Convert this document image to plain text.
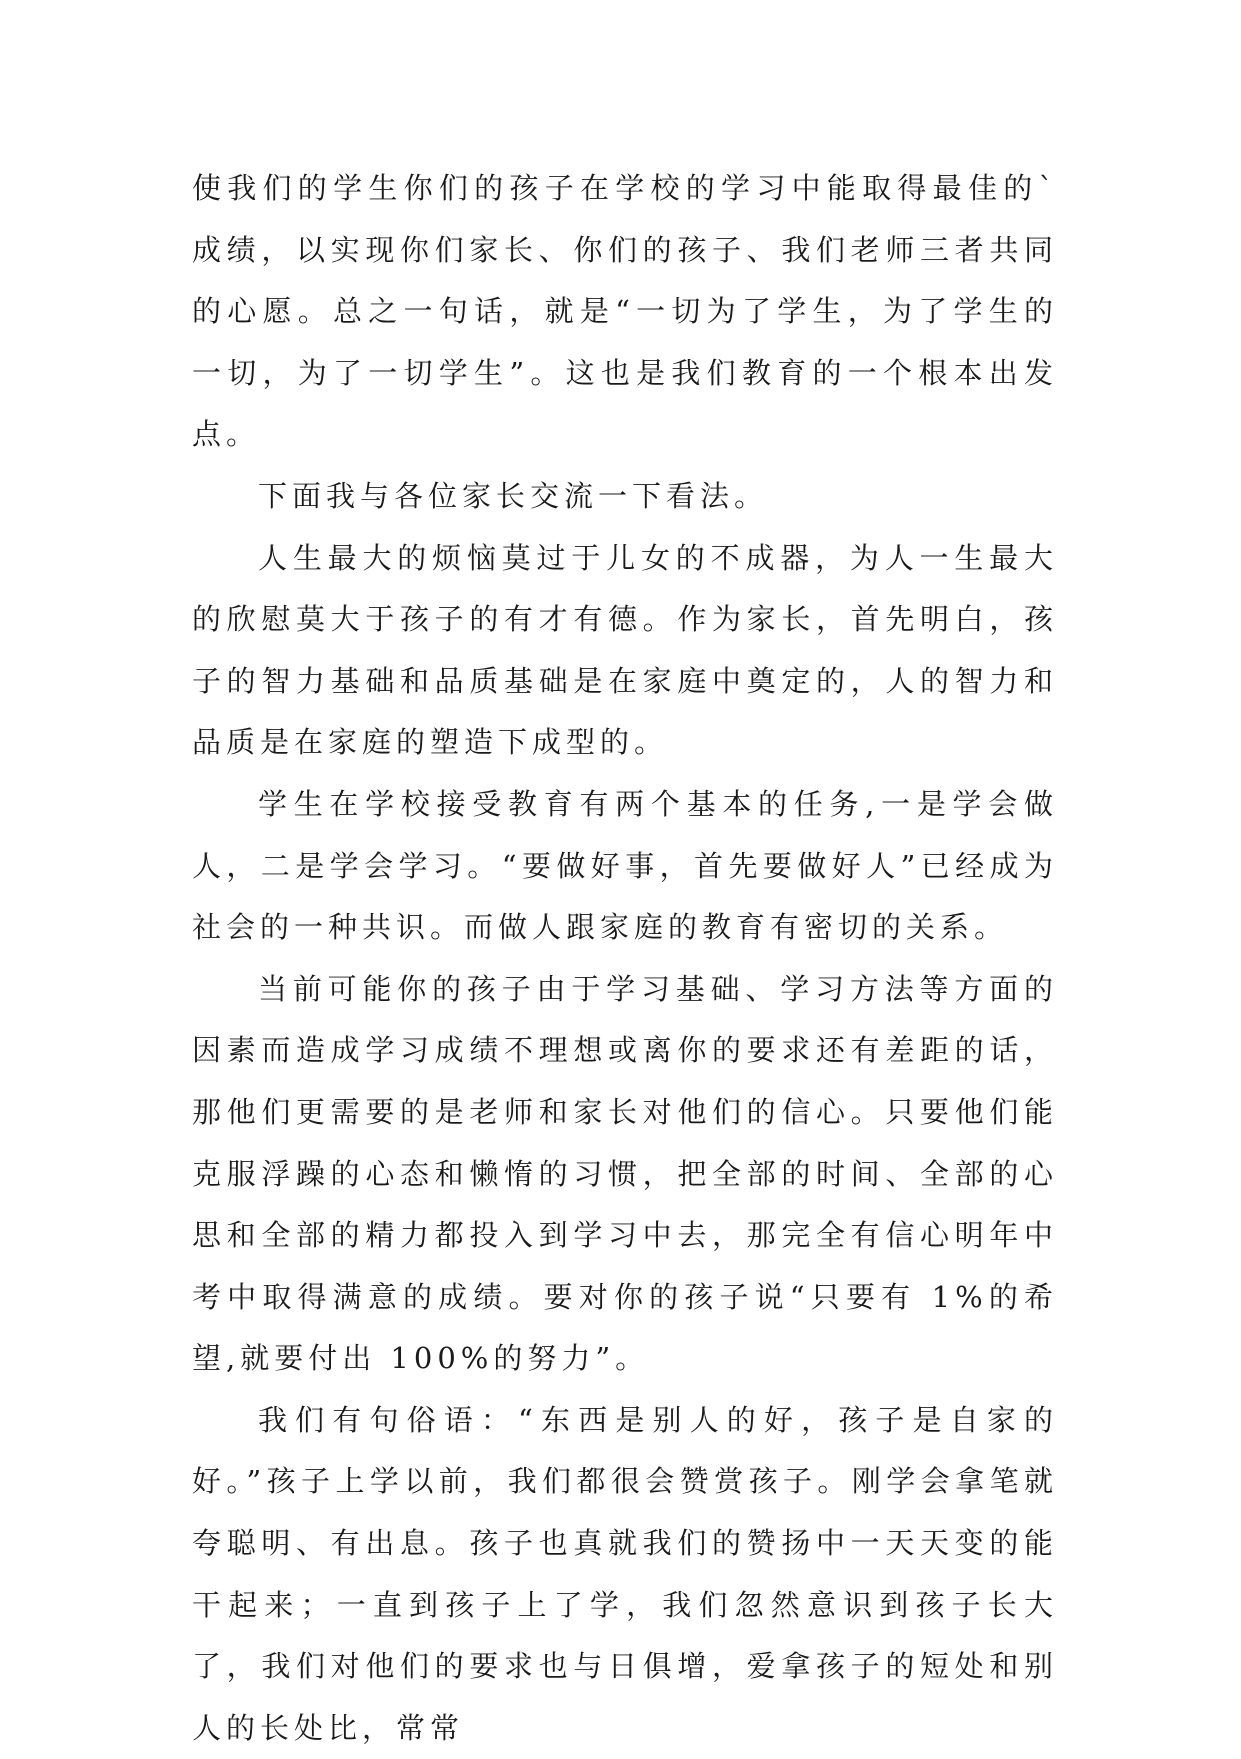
使我们的学生你们的孩子在学校的学习中能取得最佳的`成绩，以实现你们家长、你们的孩子、我们老师三者共同的心愿。总之一句话，就是“一切为了学生，为了学生的一切，为了一切学生”。这也是我们教育的一个根本出发点。

下面我与各位家长交流一下看法。

人生最大的烦恼莫过于儿女的不成器，为人一生最大的欣慰莫大于孩子的有才有德。作为家长，首先明白，孩子的智力基础和品质基础是在家庭中奠定的，人的智力和品质是在家庭的塑造下成型的。

学生在学校接受教育有两个基本的任务,一是学会做人，二是学会学习。“要做好事，首先要做好人”已经成为社会的一种共识。而做人跟家庭的教育有密切的关系。

当前可能你的孩子由于学习基础、学习方法等方面的因素而造成学习成绩不理想或离你的要求还有差距的话，那他们更需要的是老师和家长对他们的信心。只要他们能克服浮躁的心态和懒惰的习惯，把全部的时间、全部的心思和全部的精力都投入到学习中去，那完全有信心明年中考中取得满意的成绩。要对你的孩子说“只要有 1%的希望,就要付出 100%的努力”。

我们有句俗语：“东西是别人的好，孩子是自家的好。”孩子上学以前，我们都很会赞赏孩子。刚学会拿笔就夸聪明、有出息。孩子也真就我们的赞扬中一天天变的能干起来；一直到孩子上了学，我们忽然意识到孩子长大了，我们对他们的要求也与日俱增，爱拿孩子的短处和别人的长处比，常常
